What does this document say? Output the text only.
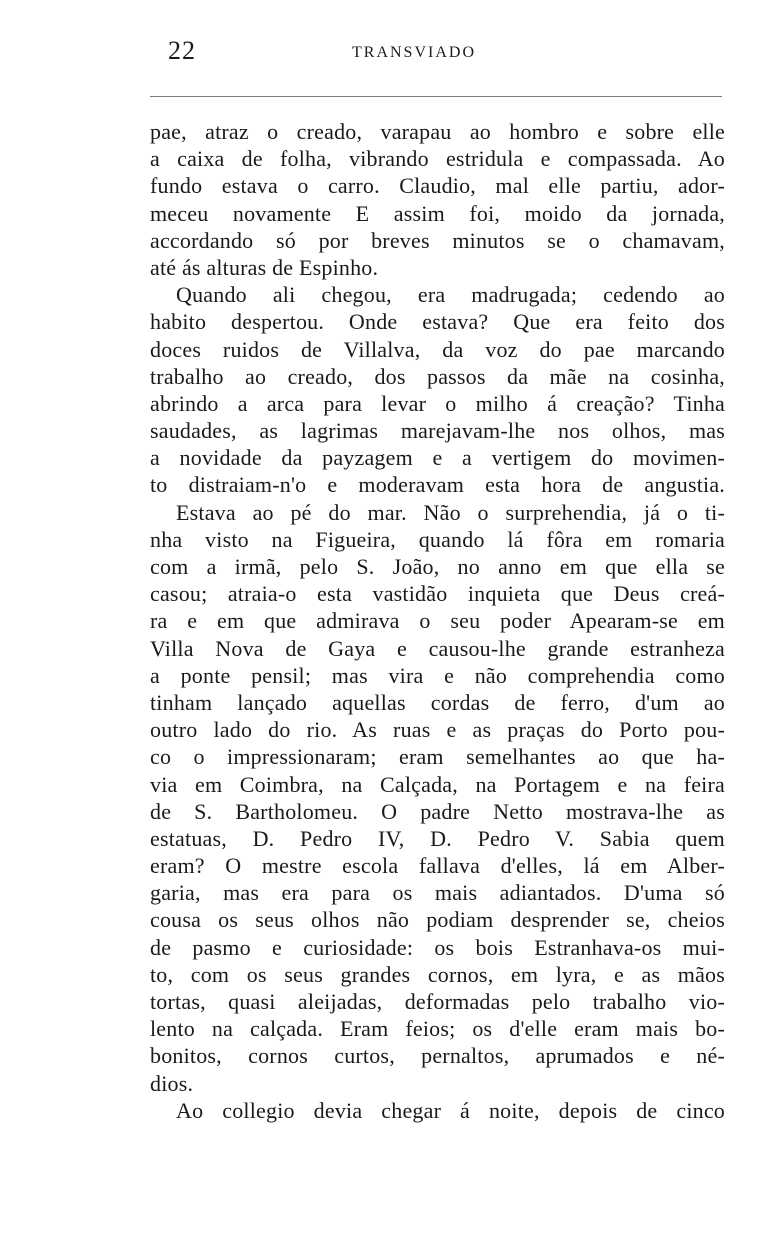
22	TRANSVIADO
pae, atraz o creado, varapau ao hombro e sobre elle
a caixa de folha, vibrando estridula e compassada. Ao
fundo estava o carro. Claudio, mal elle partiu, ador-
meceu novamente E assim foi, moido da jornada,
accordando só por breves minutos se o chamavam,
até ás alturas de Espinho.
Quando ali chegou, era madrugada; cedendo ao
habito despertou. Onde estava? Que era feito dos
doces ruidos de Villalva, da voz do pae marcando
trabalho ao creado, dos passos da mãe na cosinha,
abrindo a arca para levar o milho á creação? Tinha
saudades, as lagrimas marejavam-lhe nos olhos, mas
a novidade da payzagem e a vertigem do movimen-
to distraiam-n'o e moderavam esta hora de angustia.
Estava ao pé do mar. Não o surprehendia, já o ti-
nha visto na Figueira, quando lá fôra em romaria
com a irmã, pelo S. João, no anno em que ella se
casou; atraia-o esta vastidão inquieta que Deus creá-
ra e em que admirava o seu poder Apearam-se em
Villa Nova de Gaya e causou-lhe grande estranheza
a ponte pensil; mas vira e não comprehendia como
tinham lançado aquellas cordas de ferro, d'um ao
outro lado do rio. As ruas e as praças do Porto pou-
co o impressionaram; eram semelhantes ao que ha-
via em Coimbra, na Calçada, na Portagem e na feira
de S. Bartholomeu. O padre Netto mostrava-lhe as
estatuas, D. Pedro IV, D. Pedro V. Sabia quem
eram? O mestre escola fallava d'elles, lá em Alber-
garia, mas era para os mais adiantados. D'uma só
cousa os seus olhos não podiam desprender se, cheios
de pasmo e curiosidade: os bois Estranhava-os mui-
to, com os seus grandes cornos, em lyra, e as mãos
tortas, quasi aleijadas, deformadas pelo trabalho vio-
lento na calçada. Eram feios; os d'elle eram mais bo-
bonitos, cornos curtos, pernaltos, aprumados e né-
dios.
Ao collegio devia chegar á noite, depois de cinco
